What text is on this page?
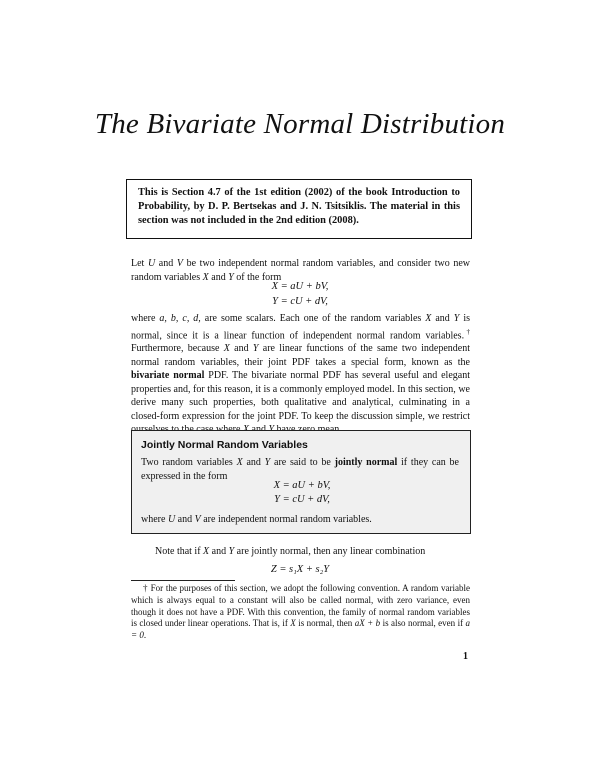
The Bivariate Normal Distribution
This is Section 4.7 of the 1st edition (2002) of the book Introduction to Probability, by D. P. Bertsekas and J. N. Tsitsiklis. The material in this section was not included in the 2nd edition (2008).
Let U and V be two independent normal random variables, and consider two new random variables X and Y of the form
X = aU + bV,
Y = cU + dV,
where a, b, c, d, are some scalars. Each one of the random variables X and Y is normal, since it is a linear function of independent normal random variables.† Furthermore, because X and Y are linear functions of the same two independent normal random variables, their joint PDF takes a special form, known as the bivariate normal PDF. The bivariate normal PDF has several useful and elegant properties and, for this reason, it is a commonly employed model. In this section, we derive many such properties, both qualitative and analytical, culminating in a closed-form expression for the joint PDF. To keep the discussion simple, we restrict
Jointly Normal Random Variables
Two random variables X and Y are said to be jointly normal if they can be expressed in the form
X = aU + bV,
Y = cU + dV,
where U and V are independent normal random variables.
Note that if X and Y are jointly normal, then any linear combination
Z = s₁X + s₂Y
† For the purposes of this section, we adopt the following convention. A random variable which is always equal to a constant will also be called normal, with zero variance, even though it does not have a PDF. With this convention, the family of normal random variables is closed under linear operations. That is, if X is normal, then aX + b is also normal, even if a = 0.
1
